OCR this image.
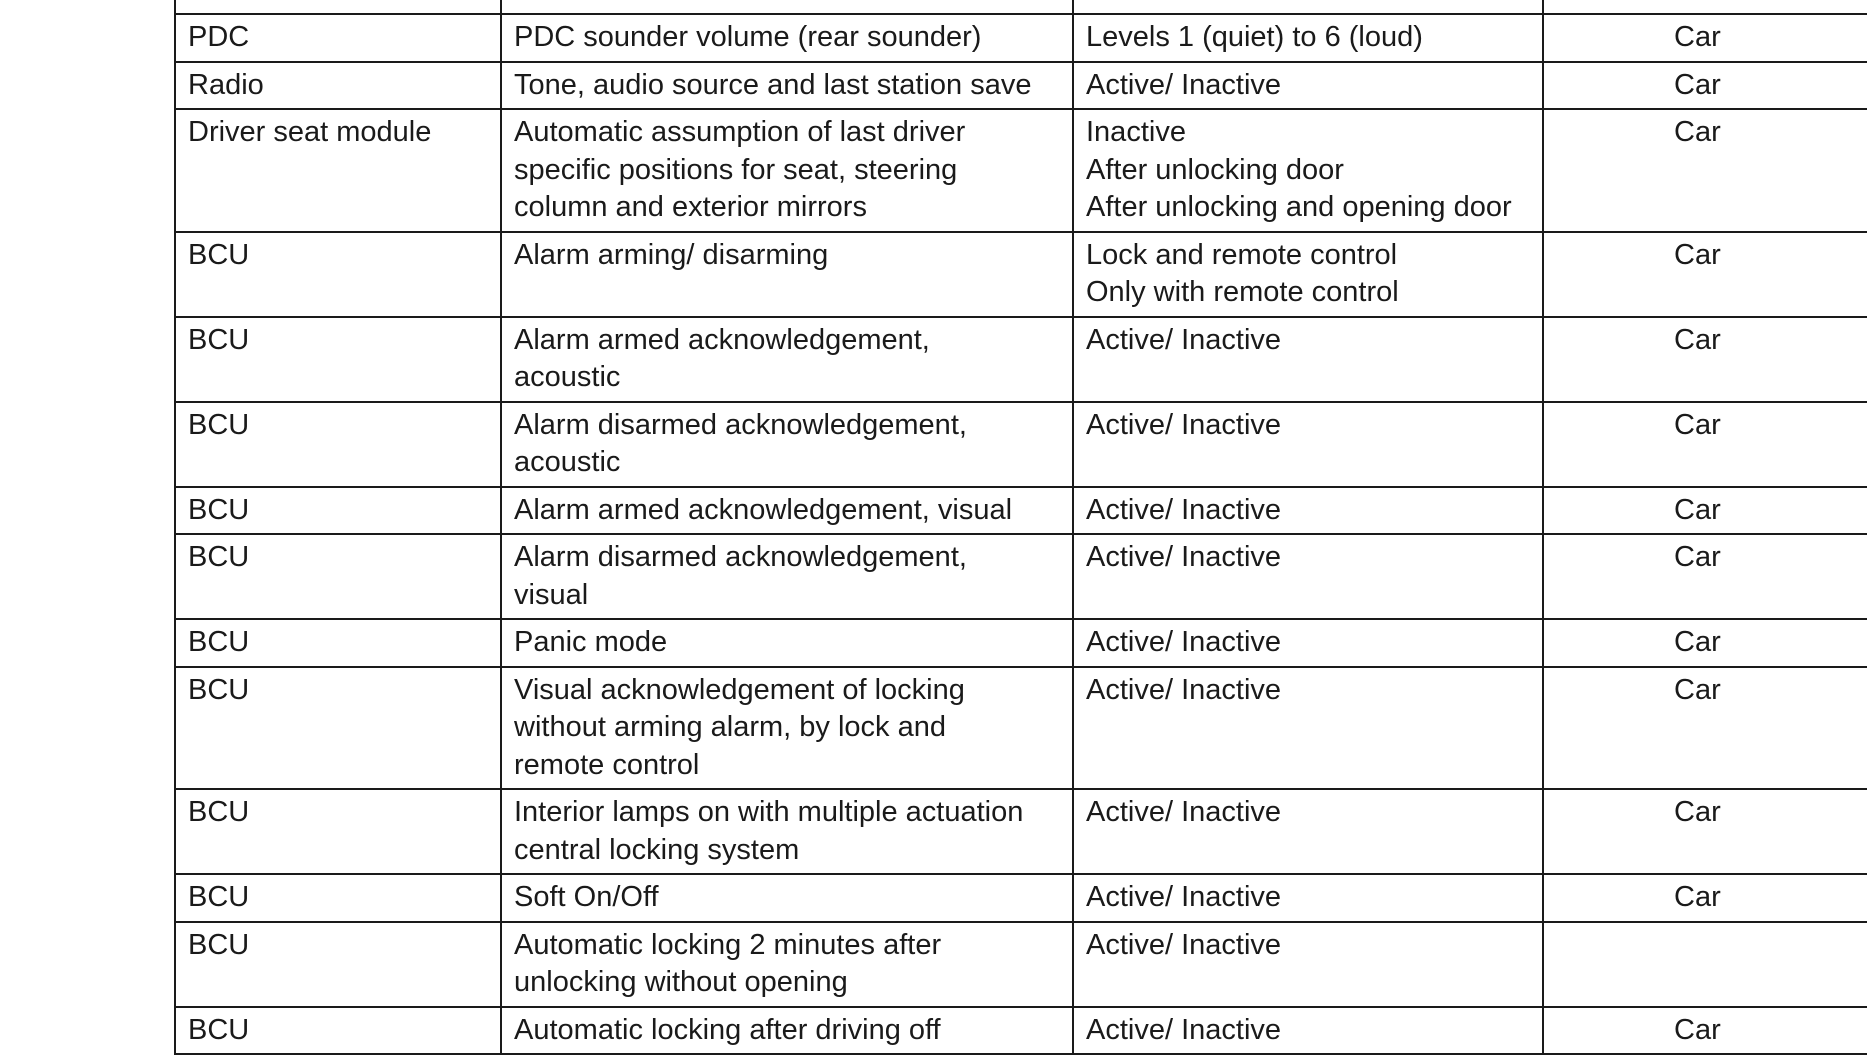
PDC	PDC sounder volume (rear sounder)	Levels 1 (quiet) to 6 (loud)	Car
Radio	Tone, audio source and last station save	Active/ Inactive	Car
Driver seat module	Automatic assumption of last driver
specific positions for seat, steering
column and exterior mirrors	Inactive
After unlocking door
After unlocking and opening door	Car
BCU	Alarm arming/ disarming	Lock and remote control
Only with remote control	Car
BCU	Alarm armed acknowledgement,
acoustic	Active/ Inactive	Car
BCU	Alarm disarmed acknowledgement,
acoustic	Active/ Inactive	Car
BCU	Alarm armed acknowledgement, visual	Active/ Inactive	Car
BCU	Alarm disarmed acknowledgement,
visual	Active/ Inactive	Car
BCU	Panic mode	Active/ Inactive	Car
BCU	Visual acknowledgement of locking
without arming alarm, by lock and
remote control	Active/ Inactive	Car
BCU	Interior lamps on with multiple actuation
central locking system	Active/ Inactive	Car
BCU	Soft On/Off	Active/ Inactive	Car
BCU	Automatic locking 2 minutes after
unlocking without opening	Active/ Inactive	

BCU	Automatic locking after driving off	Active/ Inactive	Car
